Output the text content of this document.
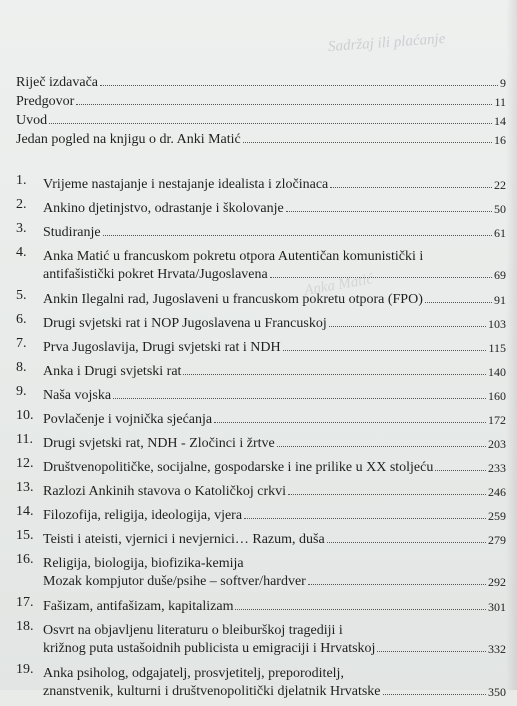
Sadržaj ili plaćanje
Anka Matić
Riječ izdavača	9
Predgovor	11
Uvod	14
Jedan pogled na knjigu o dr. Anki Matić	16
1.	Vrijeme nastajanje i nestajanje idealista i zločinaca	22
2.	Ankino djetinjstvo, odrastanje i školovanje	50
3.	Studiranje	61
4.	Anka Matić u francuskom pokretu otpora Autentičan komunistički i
antifašistički pokret Hrvata/Jugoslavena	69
5.	Ankin Ilegalni rad, Jugoslaveni u francuskom pokretu otpora (FPO)	91
6.	Drugi svjetski rat i NOP Jugoslavena u Francuskoj	103
7.	Prva Jugoslavija, Drugi svjetski rat i NDH	115
8.	Anka i Drugi svjetski rat	140
9.	Naša vojska	160
10. Povlačenje i vojnička sjećanja	172
11. Drugi svjetski rat, NDH - Zločinci i žrtve	203
12. Društvenopolitičke, socijalne, gospodarske i ine prilike u XX stoljeću	233
13. Razlozi Ankinih stavova o Katoličkoj crkvi	246
14. Filozofija, religija, ideologija, vjera	259
15. Teisti i ateisti, vjernici i nevjernici… Razum, duša	279
16. Religija, biologija, biofizika-kemija
Mozak kompjutor duše/psihe – softver/hardver	292
17. Fašizam, antifašizam, kapitalizam	301
18. Osvrt na objavljenu literaturu o bleiburškoj tragediji i
križnog puta ustašoidnih publicista u emigraciji i Hrvatskoj	332
19. Anka psiholog, odgajatelj, prosvjetitelj, preporoditelj,
znanstvenik, kulturni i društvenopolitički djelatnik Hrvatske	350
